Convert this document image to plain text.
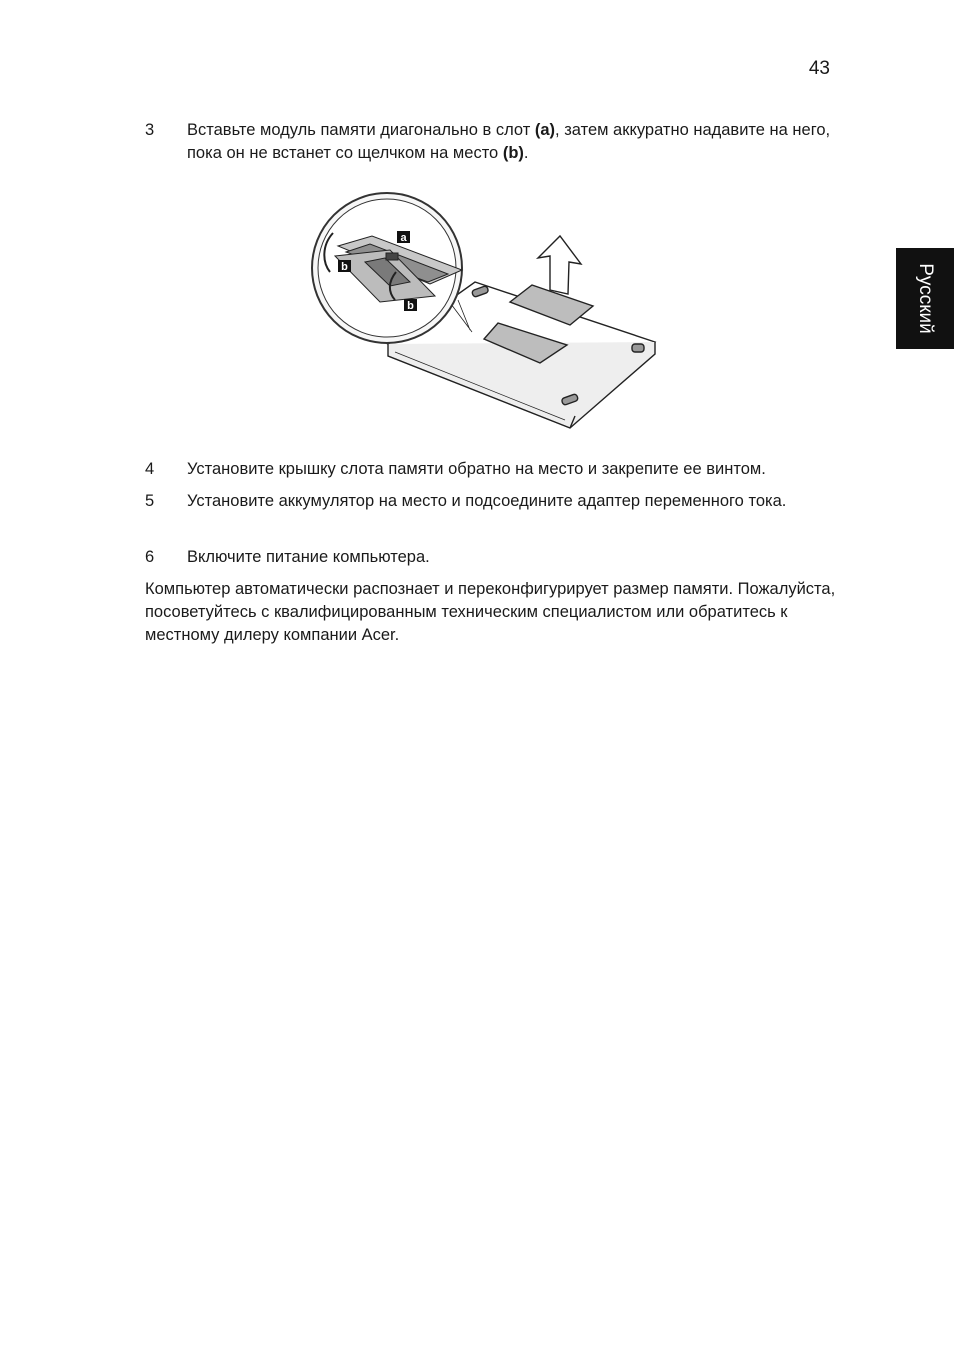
43
Русский
3 Вставьте модуль памяти диагонально в слот (a), затем аккуратно надавите на него, пока он не встанет со щелчком на место (b).
a
b
b
4 Установите крышку слота памяти обратно на место и закрепите ее винтом.
5 Установите аккумулятор на место и подсоедините адаптер переменного тока.
6 Включите питание компьютера.
Компьютер автоматически распознает и переконфигурирует размер памяти. Пожалуйста, посоветуйтесь с квалифицированным техническим специалистом или обратитесь к местному дилеру компании Acer.
